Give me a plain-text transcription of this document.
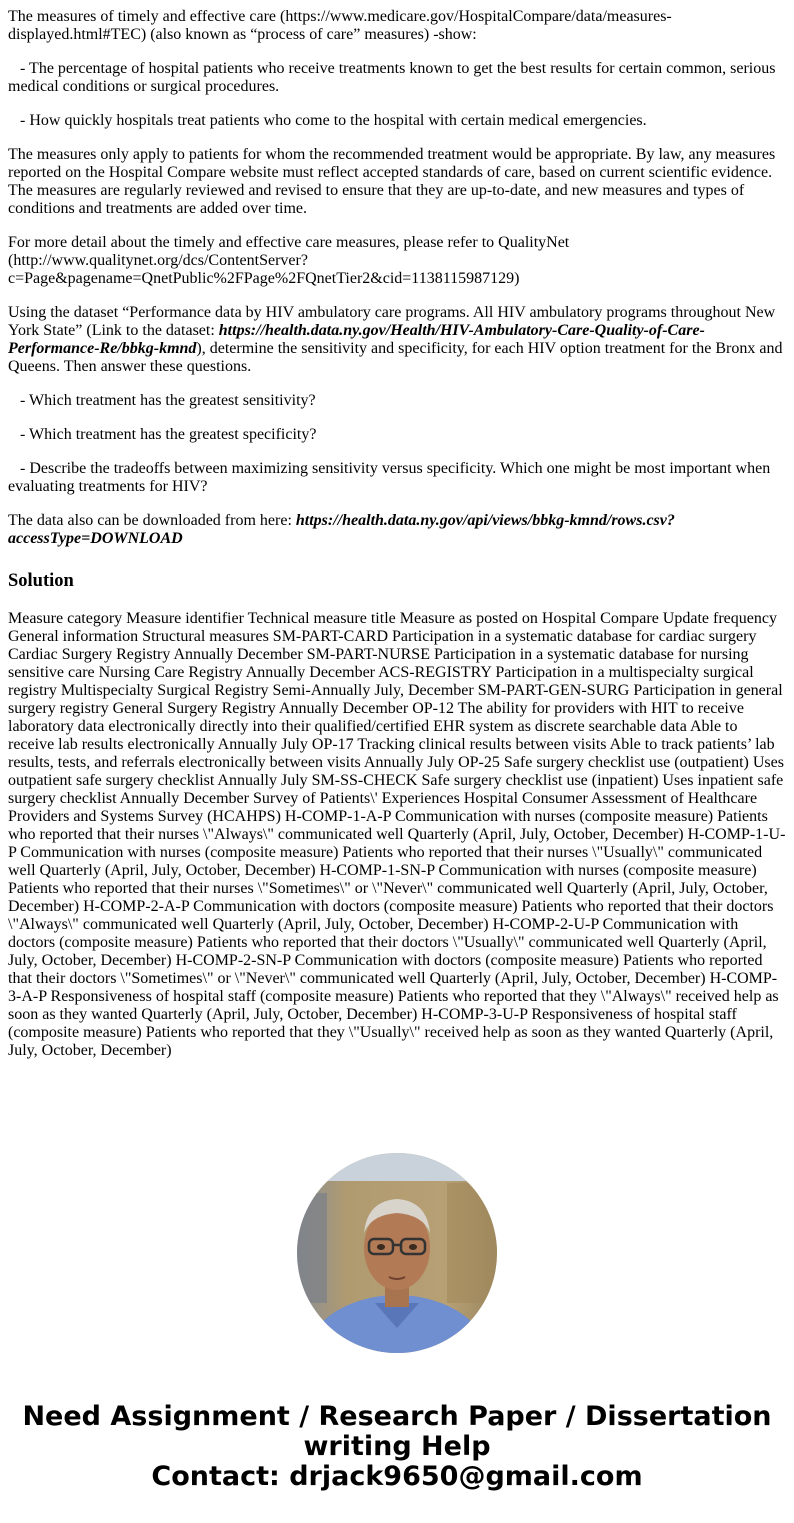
The measures of timely and effective care (https://www.medicare.gov/HospitalCompare/data/measures-displayed.html#TEC) (also known as “process of care” measures) -show:

- The percentage of hospital patients who receive treatments known to get the best results for certain common, serious medical conditions or surgical procedures.

- How quickly hospitals treat patients who come to the hospital with certain medical emergencies.

The measures only apply to patients for whom the recommended treatment would be appropriate. By law, any measures reported on the Hospital Compare website must reflect accepted standards of care, based on current scientific evidence. The measures are regularly reviewed and revised to ensure that they are up-to-date, and new measures and types of conditions and treatments are added over time.

For more detail about the timely and effective care measures, please refer to QualityNet (http://www.qualitynet.org/dcs/ContentServer?c=Page&pagename=QnetPublic%2FPage%2FQnetTier2&cid=1138115987129)

Using the dataset “Performance data by HIV ambulatory care programs. All HIV ambulatory programs throughout New York State” (Link to the dataset: https://health.data.ny.gov/Health/HIV-Ambulatory-Care-Quality-of-Care-Performance-Re/bbkg-kmnd), determine the sensitivity and specificity, for each HIV option treatment for the Bronx and Queens. Then answer these questions.

- Which treatment has the greatest sensitivity?

- Which treatment has the greatest specificity?

- Describe the tradeoffs between maximizing sensitivity versus specificity. Which one might be most important when evaluating treatments for HIV?

The data also can be downloaded from here: https://health.data.ny.gov/api/views/bbkg-kmnd/rows.csv?accessType=DOWNLOAD

Solution

Measure category Measure identifier Technical measure title Measure as posted on Hospital Compare Update frequency General information Structural measures SM-PART-CARD Participation in a systematic database for cardiac surgery Cardiac Surgery Registry Annually December SM-PART-NURSE Participation in a systematic database for nursing sensitive care Nursing Care Registry Annually December ACS-REGISTRY Participation in a multispecialty surgical registry Multispecialty Surgical Registry Semi-Annually July, December SM-PART-GEN-SURG Participation in general surgery registry General Surgery Registry Annually December OP-12 The ability for providers with HIT to receive laboratory data electronically directly into their qualified/certified EHR system as discrete searchable data Able to receive lab results electronically Annually July OP-17 Tracking clinical results between visits Able to track patients’ lab results, tests, and referrals electronically between visits Annually July OP-25 Safe surgery checklist use (outpatient) Uses outpatient safe surgery checklist Annually July SM-SS-CHECK Safe surgery checklist use (inpatient) Uses inpatient safe surgery checklist Annually December Survey of Patients\' Experiences Hospital Consumer Assessment of Healthcare Providers and Systems Survey (HCAHPS) H-COMP-1-A-P Communication with nurses (composite measure) Patients who reported that their nurses \"Always\" communicated well Quarterly (April, July, October, December) H-COMP-1-U-P Communication with nurses (composite measure) Patients who reported that their nurses \"Usually\" communicated well Quarterly (April, July, October, December) H-COMP-1-SN-P Communication with nurses (composite measure) Patients who reported that their nurses \"Sometimes\" or \"Never\" communicated well Quarterly (April, July, October, December) H-COMP-2-A-P Communication with doctors (composite measure) Patients who reported that their doctors \"Always\" communicated well Quarterly (April, July, October, December) H-COMP-2-U-P Communication with doctors (composite measure) Patients who reported that their doctors \"Usually\" communicated well Quarterly (April, July, October, December) H-COMP-2-SN-P Communication with doctors (composite measure) Patients who reported that their doctors \"Sometimes\" or \"Never\" communicated well Quarterly (April, July, October, December) H-COMP-3-A-P Responsiveness of hospital staff (composite measure) Patients who reported that they \"Always\" received help as soon as they wanted Quarterly (April, July, October, December) H-COMP-3-U-P Responsiveness of hospital staff (composite measure) Patients who reported that they \"Usually\" received help as soon as they wanted Quarterly (April, July, October, December)

Need Assignment / Research Paper / Dissertation
writing Help
Contact: drjack9650@gmail.com
